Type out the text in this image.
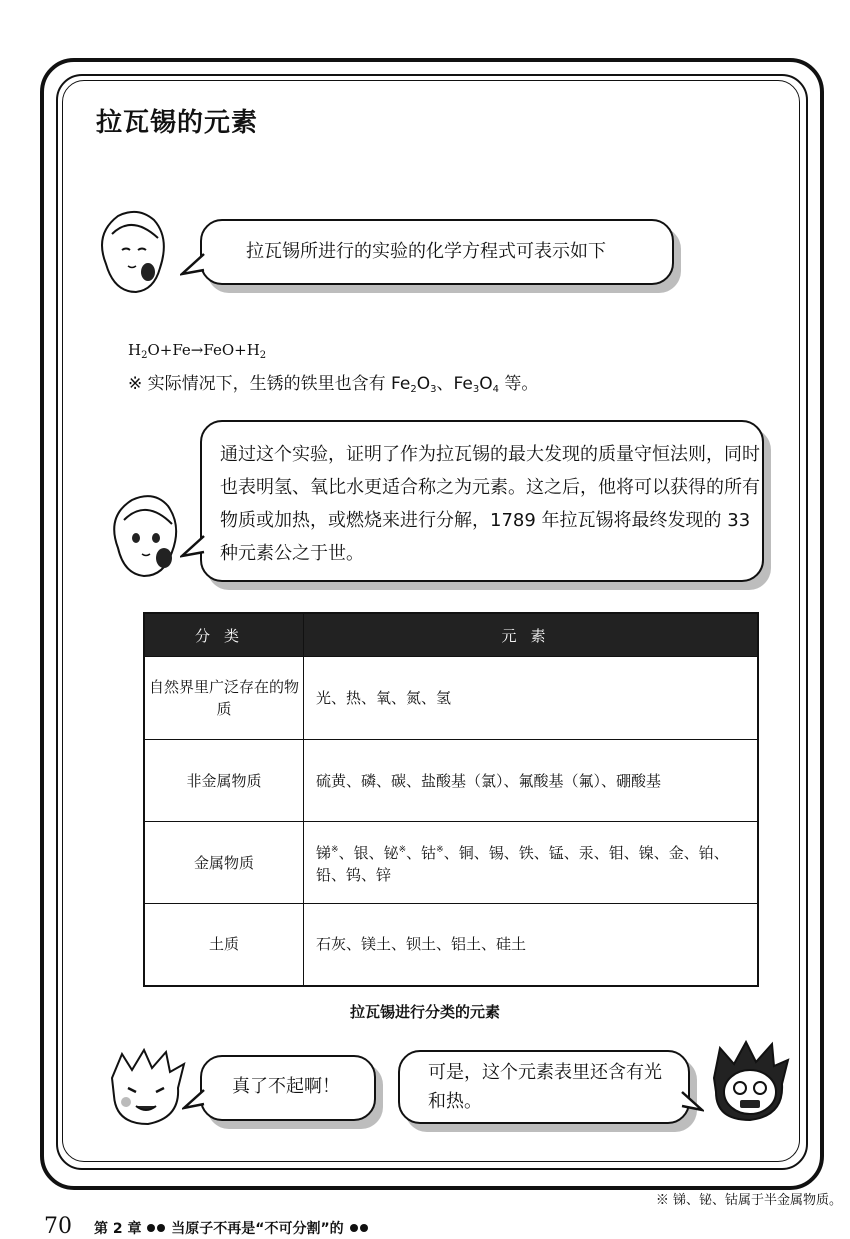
拉瓦锡的元素
拉瓦锡所进行的实验的化学方程式可表示如下
$H_2O+Fe\to FeO+H_2$
※ 实际情况下，生锈的铁里也含有 $Fe_2O_3$、$Fe_3O_4$ 等。
通过这个实验，证明了作为拉瓦锡的最大发现的质量守恒法则，同时也表明氢、氧比水更适合称之为元素。这之后，他将可以获得的所有物质或加热，或燃烧来进行分解，1789 年拉瓦锡将最终发现的 33 种元素公之于世。
分类	元素
自然界里广泛存在的物质	光、热、氧、氮、氢
非金属物质	硫黄、磷、碳、盐酸基（氯）、氟酸基（氟）、硼酸基
金属物质	锑※、银、铋※、钴※、铜、锡、铁、锰、汞、钼、镍、金、铂、铅、钨、锌
土质	石灰、镁土、钡土、铝土、硅土
拉瓦锡进行分类的元素
真了不起啊！
可是，这个元素表里还含有光和热。
※ 锑、铋、钴属于半金属物质。
70 第 2 章 当原子不再是“不可分割”的
